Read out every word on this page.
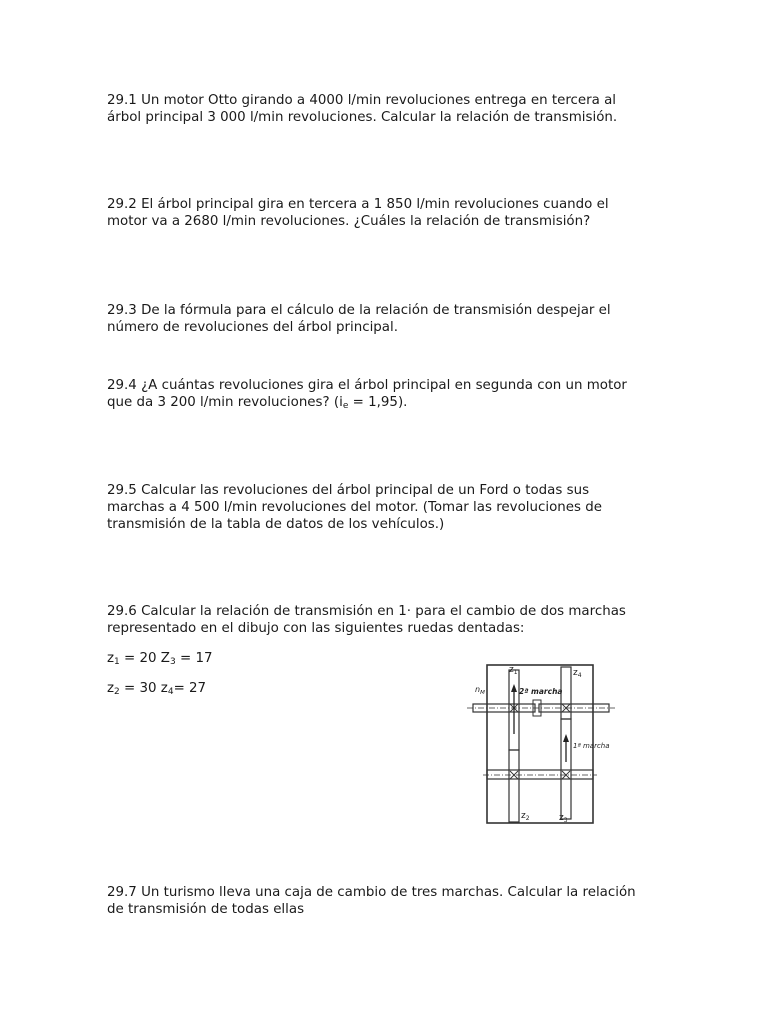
29.1 Un motor Otto girando a 4000 l/min revoluciones entrega en tercera al
árbol principal 3 000 l/min revoluciones. Calcular la relación de transmisión.

29.2 El árbol principal gira en tercera a 1 850 l/min revoluciones cuando el
motor va a 2680 l/min revoluciones. ¿Cuáles la relación de transmisión?

29.3 De la fórmula para el cálculo de la relación de transmisión despejar el
número de revoluciones del árbol principal.

29.4 ¿A cuántas revoluciones gira el árbol principal en segunda con un motor
que da 3 200 l/min revoluciones? $(i_e = 1,95)$.

29.5 Calcular las revoluciones del árbol principal de un Ford o todas sus
marchas a 4 500 l/min revoluciones del motor. (Tomar las revoluciones de
transmisión de la tabla de datos de los vehículos.)

29.6 Calcular la relación de transmisión en 1· para el cambio de dos marchas
representado en el dibujo con las siguientes ruedas dentadas:

$z_1 = 20$ $Z_3 = 17$

$z_2 = 30$ $z_4= 27$

$z_1$	$z_4$
$z_2$	$z_3$
$n_M$	2ª marcha
1ª marcha

29.7 Un turismo lleva una caja de cambio de tres marchas. Calcular la relación
de transmisión de todas ellas
